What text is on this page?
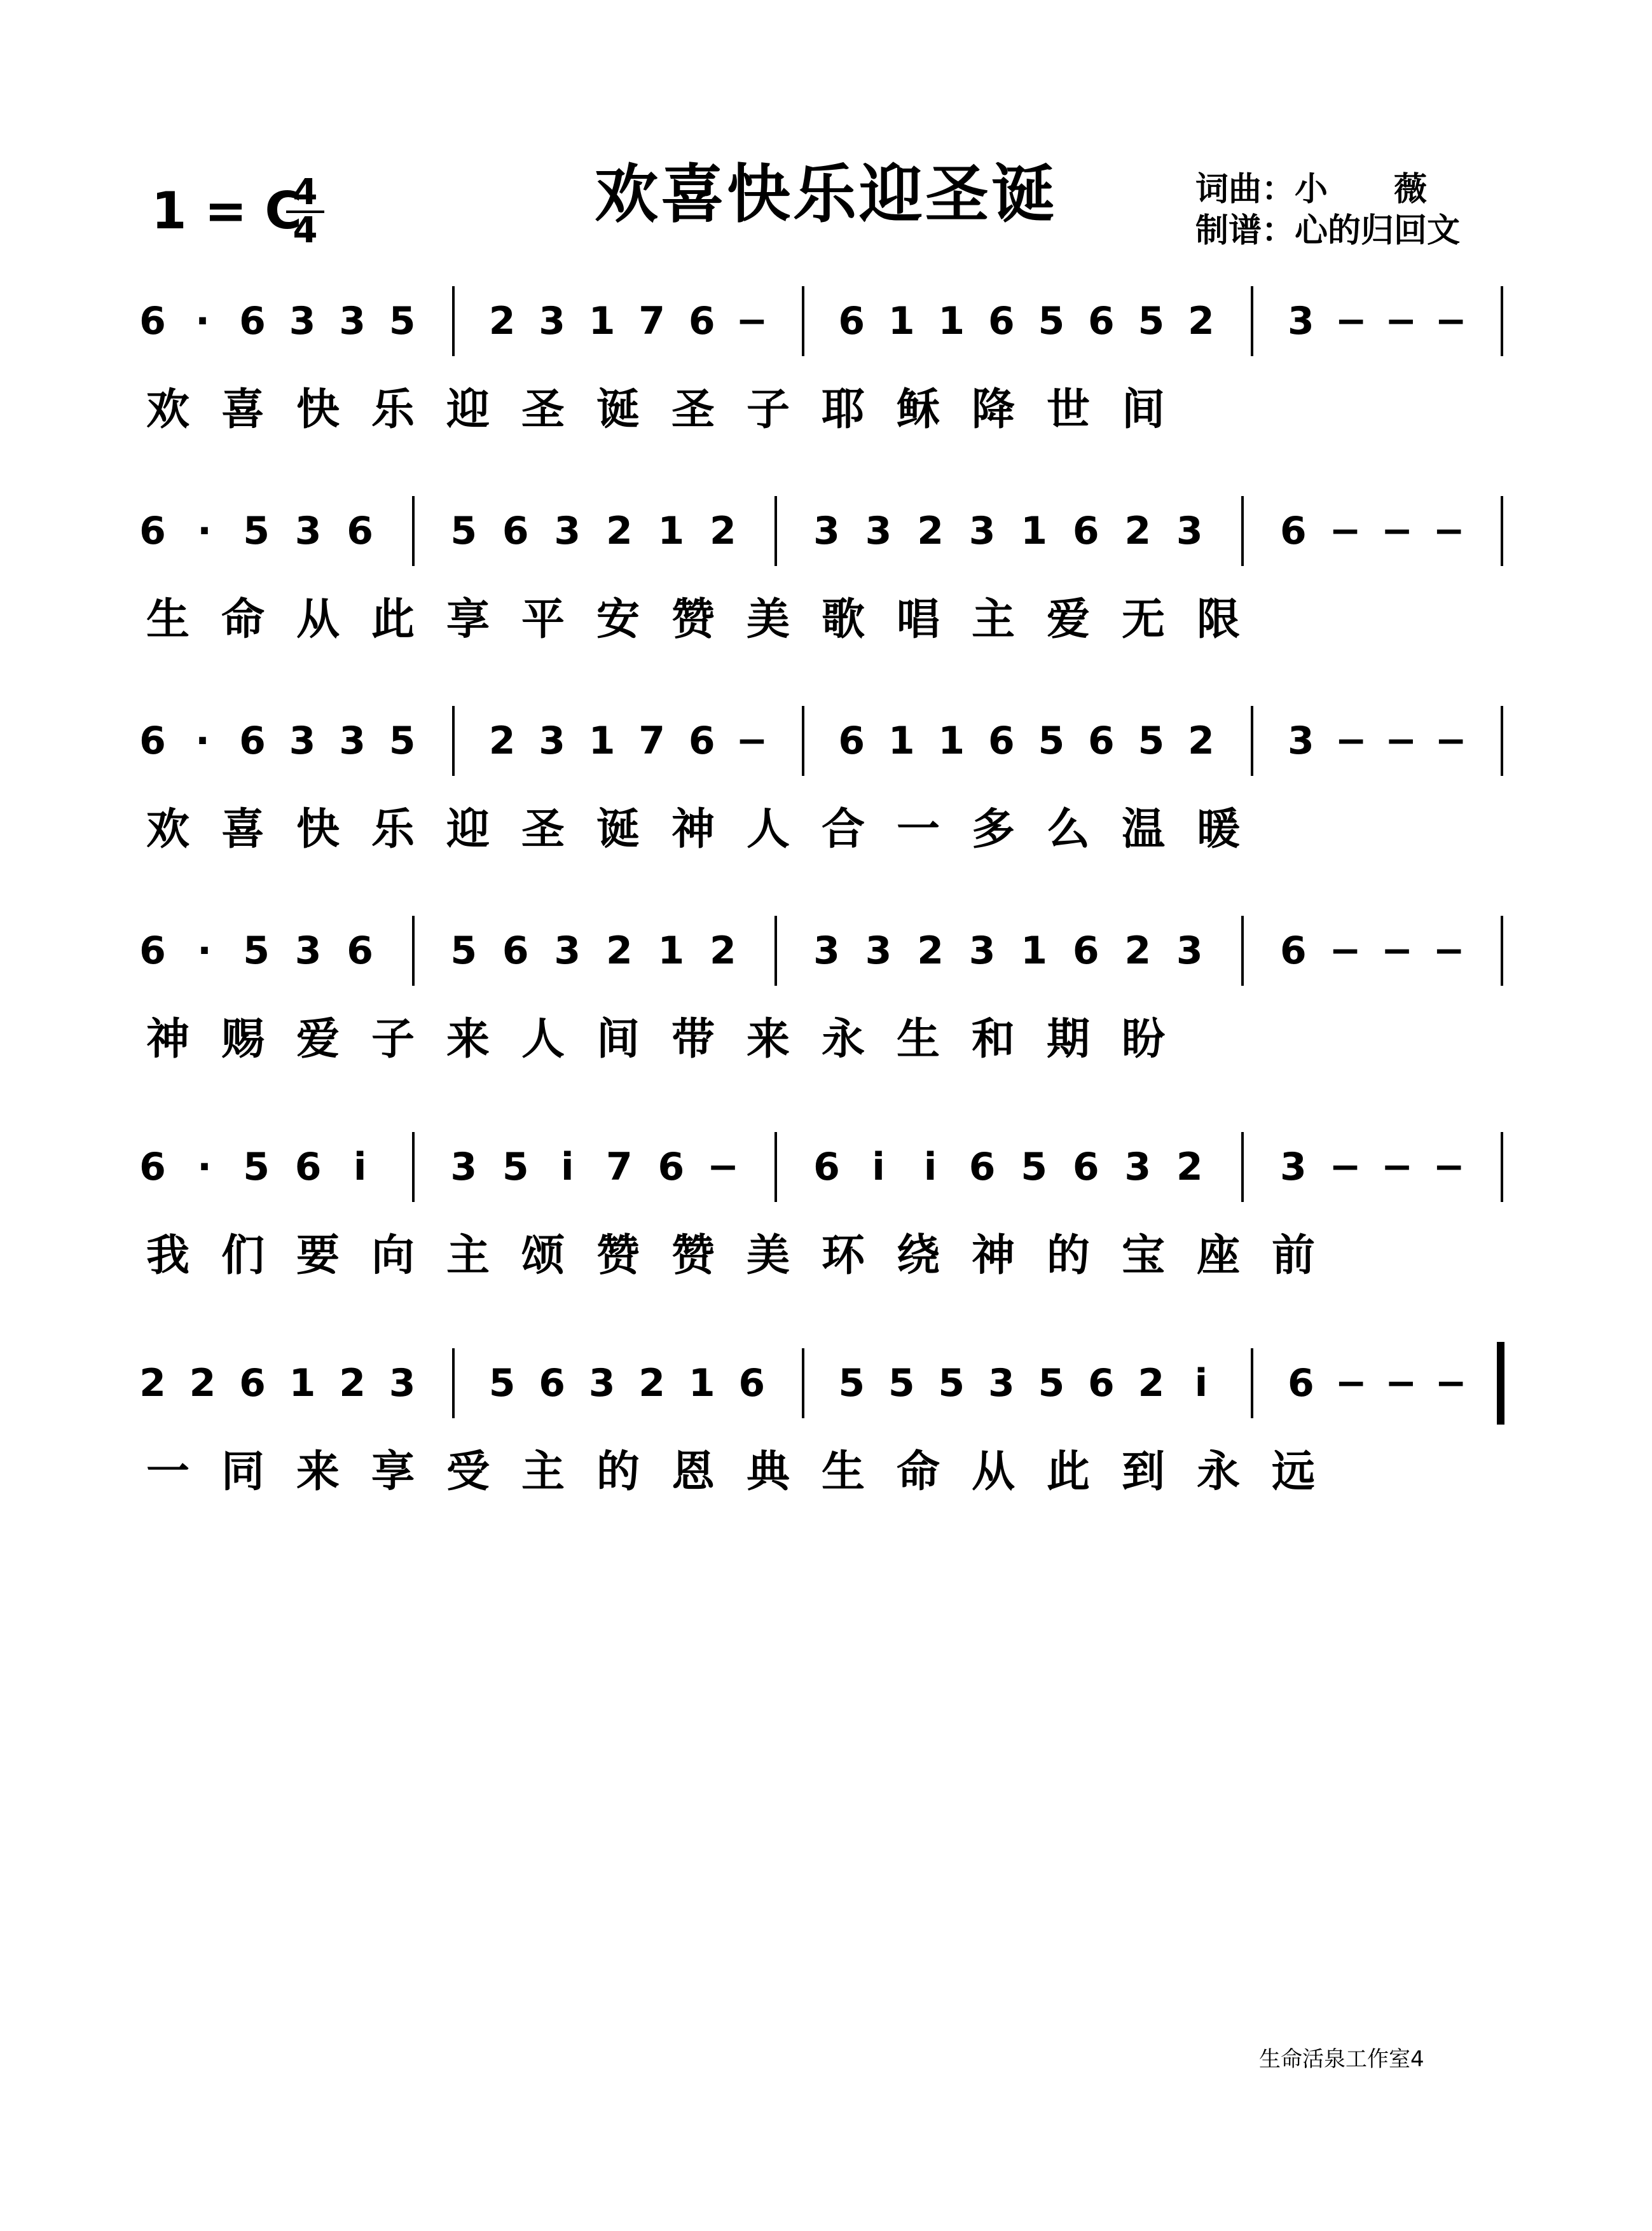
欢喜快乐迎圣诞
1 = C
$\frac{4}{4}$	词曲：小　　薇
制谱：心的归回文
6 · 6 3 3 5 2 3 1 7 6 − 6 1 1 6 5 6 5 2 3 − − −
欢喜快乐迎圣诞圣子耶稣降世间
6 · 5 3 6 5 6 3 2 1 2 3 3 2 3 1 6 2 3 6 − − −
生命从此享平安赞美歌唱主爱无限
6 · 6 3 3 5 2 3 1 7 6 − 6 1 1 6 5 6 5 2 3 − − −
欢喜快乐迎圣诞神人合一多么温暖
6 · 5 3 6 5 6 3 2 1 2 3 3 2 3 1 6 2 3 6 − − −
神赐爱子来人间带来永生和期盼
6 · 5 6 i	3 5 i 7 6 − 6 i	i 6 5 6 3 2 3 − − −
我们要向主颂赞赞美环绕神的宝座前
2 2 6 1 2 3 5 6 3 2 1 6 5 5 5 3 5 6 2 i	6 − − −
一同来享受主的恩典生命从此到永远
生命活泉工作室4
